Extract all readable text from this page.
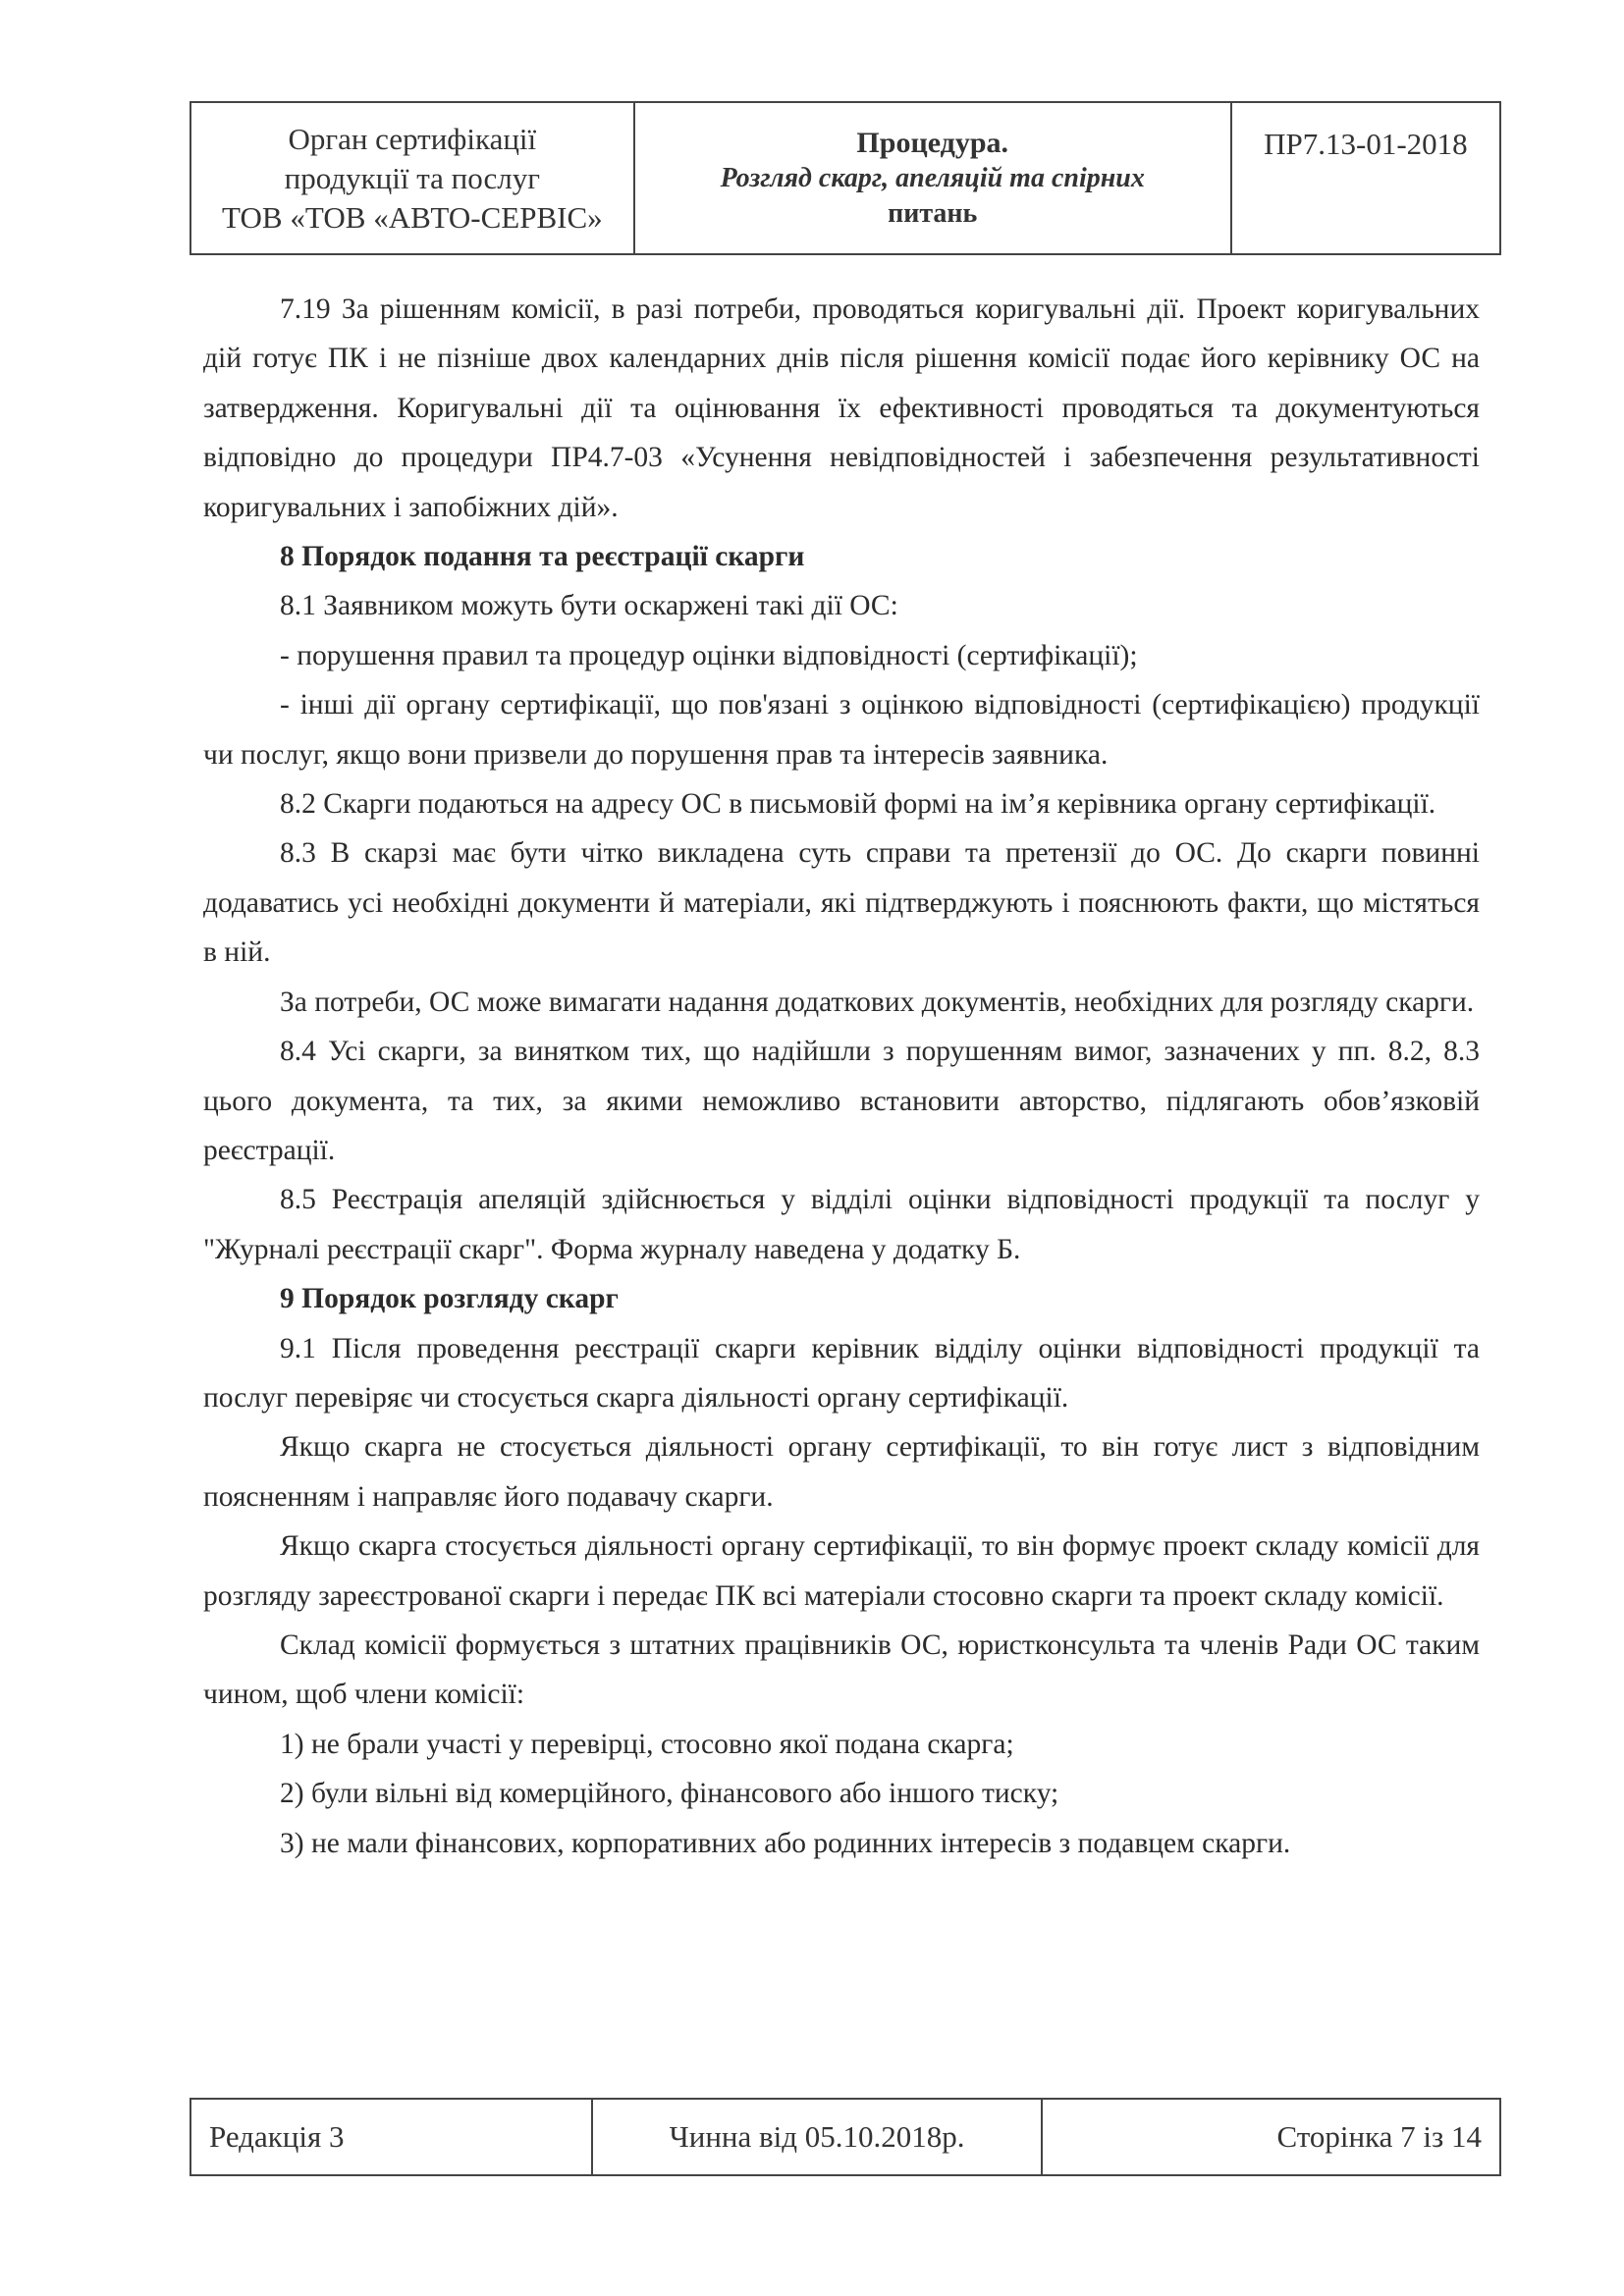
Орган сертифікації
продукції та послуг
ТОВ «ТОВ «АВТО-СЕРВІС»
Процедура.
Розгляд скарг, апеляцій та спірних
питань
ПР7.13-01-2018

7.19 За рішенням комісії, в разі потреби, проводяться коригувальні дії. Проект коригувальних дій готує ПК і не пізніше двох календарних днів після рішення комісії подає його керівнику ОС на затвердження. Коригувальні дії та оцінювання їх ефективності проводяться та документуються відповідно до процедури ПР4.7-03 «Усунення невідповідностей і забезпечення результативності коригувальних і запобіжних дій».

8 Порядок подання та реєстрації скарги

8.1 Заявником можуть бути оскаржені такі дії ОС:

- порушення правил та процедур оцінки відповідності (сертифікації);

- інші дії органу сертифікації, що пов'язані з оцінкою відповідності (сертифікацією) продукції чи послуг, якщо вони призвели до порушення прав та інтересів заявника.

8.2 Скарги подаються на адресу ОС в письмовій формі на ім’я керівника органу сертифікації.

8.3 В скарзі має бути чітко викладена суть справи та претензії до ОС. До скарги повинні додаватись усі необхідні документи й матеріали, які підтверджують і пояснюють факти, що містяться в ній.

За потреби, ОС може вимагати надання додаткових документів, необхідних для розгляду скарги.

8.4 Усі скарги, за винятком тих, що надійшли з порушенням вимог, зазначених у пп. 8.2, 8.3 цього документа, та тих, за якими неможливо встановити авторство, підлягають обов’язковій реєстрації.

8.5 Реєстрація апеляцій здійснюється у відділі оцінки відповідності продукції та послуг у "Журналі реєстрації скарг". Форма журналу наведена у додатку Б.

9 Порядок розгляду скарг

9.1 Після проведення реєстрації скарги керівник відділу оцінки відповідності продукції та послуг перевіряє чи стосується скарга діяльності органу сертифікації.

Якщо скарга не стосується діяльності органу сертифікації, то він готує лист з відповідним поясненням і направляє його подавачу скарги.

Якщо скарга стосується діяльності органу сертифікації, то він формує проект складу комісії для розгляду зареєстрованої скарги і передає ПК всі матеріали стосовно скарги та проект складу комісії.

Склад комісії формується з штатних працівників ОС, юристконсульта та членів Ради ОС таким чином, щоб члени комісії:

1) не брали участі у перевірці, стосовно якої подана скарга;

2) були вільні від комерційного, фінансового або іншого тиску;

3) не мали фінансових, корпоративних або родинних інтересів з подавцем скарги.

Редакція 3	Чинна від 05.10.2018р.	Сторінка 7 із 14
